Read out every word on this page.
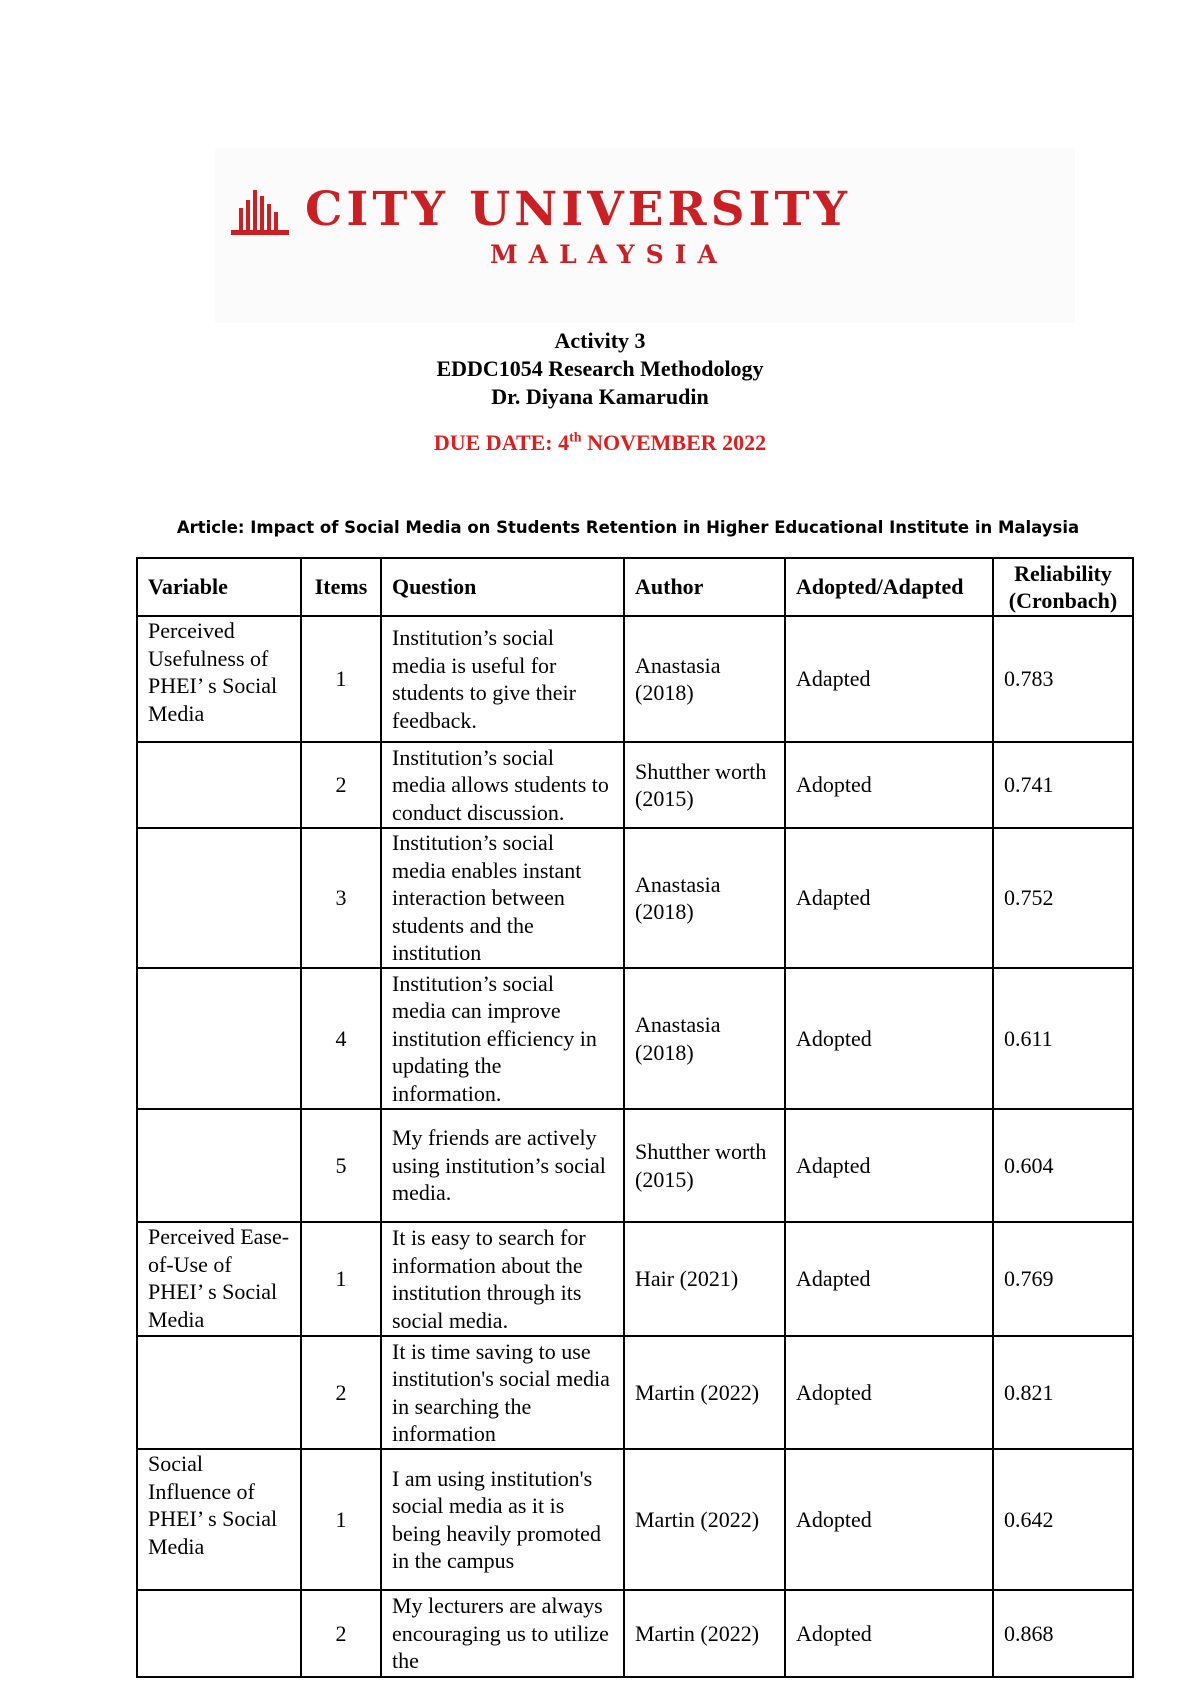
CITY UNIVERSITY
MALAYSIA
Activity 3
EDDC1054 Research Methodology
Dr. Diyana Kamarudin
DUE DATE: 4th NOVEMBER 2022
Article: Impact of Social Media on Students Retention in Higher Educational Institute in Malaysia
Variable	Items	Question	Author	Adopted/Adapted	Reliability
(Cronbach)
Perceived Usefulness of PHEI’ s Social Media	1	Institution’s social media is useful for students to give their feedback.	Anastasia (2018)	Adapted	0.783
	2	Institution’s social media allows students to conduct discussion.	Shutther worth (2015)	Adopted	0.741
	3	Institution’s social media enables instant interaction between students and the institution	Anastasia (2018)	Adapted	0.752
	4	Institution’s social media can improve institution efficiency in updating the information.	Anastasia (2018)	Adopted	0.611
	5	My friends are actively using institution’s social media.	Shutther worth (2015)	Adapted	0.604
Perceived Ease-of-Use of PHEI’ s Social Media	1	It is easy to search for information about the institution through its social media.	Hair (2021)	Adapted	0.769
	2	It is time saving to use institution's social media in searching the information	Martin (2022)	Adopted	0.821
Social Influence of PHEI’ s Social Media	1	I am using institution's social media as it is being heavily promoted in the campus	Martin (2022)	Adopted	0.642
	2	My lecturers are always encouraging us to utilize the	Martin (2022)	Adopted	0.868
